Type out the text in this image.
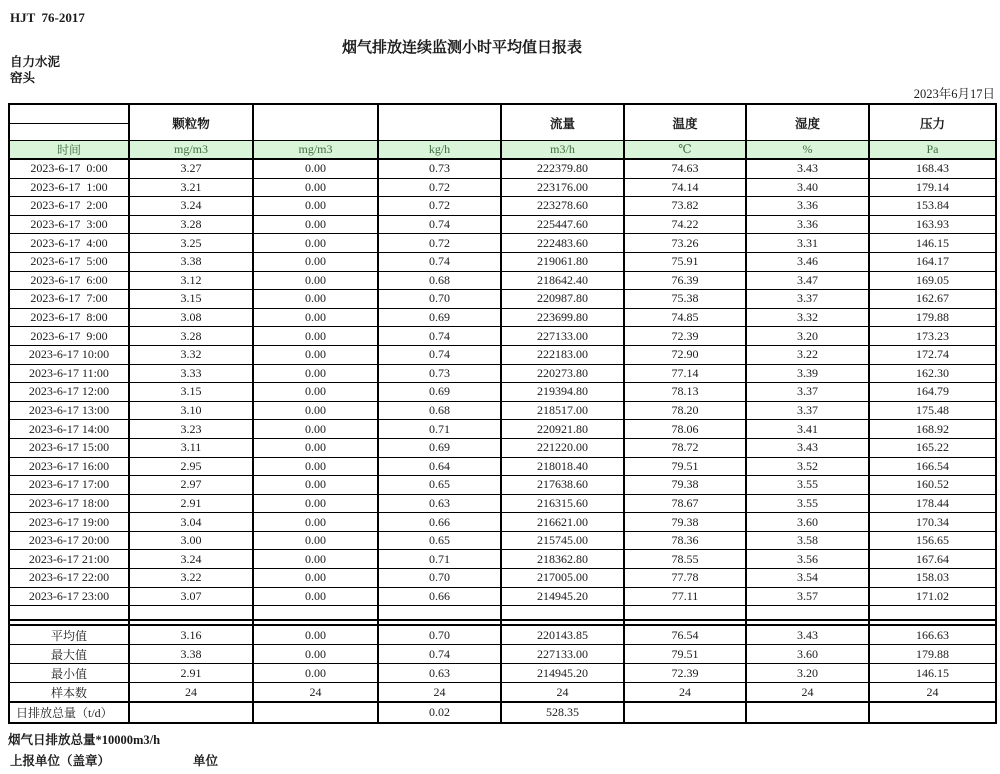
HJT  76-2017
烟气排放连续监测小时平均值日报表
自力水泥
窑头
2023年6月17日
	颗粒物			流量	温度	湿度	压力

时间	mg/m3	mg/m3	kg/h	m3/h	℃	%	Pa
2023-6-17  0:00	3.27	0.00	0.73	222379.80	74.63	3.43	168.43
2023-6-17  1:00	3.21	0.00	0.72	223176.00	74.14	3.40	179.14
2023-6-17  2:00	3.24	0.00	0.72	223278.60	73.82	3.36	153.84
2023-6-17  3:00	3.28	0.00	0.74	225447.60	74.22	3.36	163.93
2023-6-17  4:00	3.25	0.00	0.72	222483.60	73.26	3.31	146.15
2023-6-17  5:00	3.38	0.00	0.74	219061.80	75.91	3.46	164.17
2023-6-17  6:00	3.12	0.00	0.68	218642.40	76.39	3.47	169.05
2023-6-17  7:00	3.15	0.00	0.70	220987.80	75.38	3.37	162.67
2023-6-17  8:00	3.08	0.00	0.69	223699.80	74.85	3.32	179.88
2023-6-17  9:00	3.28	0.00	0.74	227133.00	72.39	3.20	173.23
2023-6-17 10:00	3.32	0.00	0.74	222183.00	72.90	3.22	172.74
2023-6-17 11:00	3.33	0.00	0.73	220273.80	77.14	3.39	162.30
2023-6-17 12:00	3.15	0.00	0.69	219394.80	78.13	3.37	164.79
2023-6-17 13:00	3.10	0.00	0.68	218517.00	78.20	3.37	175.48
2023-6-17 14:00	3.23	0.00	0.71	220921.80	78.06	3.41	168.92
2023-6-17 15:00	3.11	0.00	0.69	221220.00	78.72	3.43	165.22
2023-6-17 16:00	2.95	0.00	0.64	218018.40	79.51	3.52	166.54
2023-6-17 17:00	2.97	0.00	0.65	217638.60	79.38	3.55	160.52
2023-6-17 18:00	2.91	0.00	0.63	216315.60	78.67	3.55	178.44
2023-6-17 19:00	3.04	0.00	0.66	216621.00	79.38	3.60	170.34
2023-6-17 20:00	3.00	0.00	0.65	215745.00	78.36	3.58	156.65
2023-6-17 21:00	3.24	0.00	0.71	218362.80	78.55	3.56	167.64
2023-6-17 22:00	3.22	0.00	0.70	217005.00	77.78	3.54	158.03
2023-6-17 23:00	3.07	0.00	0.66	214945.20	77.11	3.57	171.02

平均值	3.16	0.00	0.70	220143.85	76.54	3.43	166.63
最大值	3.38	0.00	0.74	227133.00	79.51	3.60	179.88
最小值	2.91	0.00	0.63	214945.20	72.39	3.20	146.15
样本数	24	24	24	24	24	24	24
日排放总量（t/d）			0.02	528.35			
烟气日排放总量*10000m3/h
上报单位（盖章）	单位
